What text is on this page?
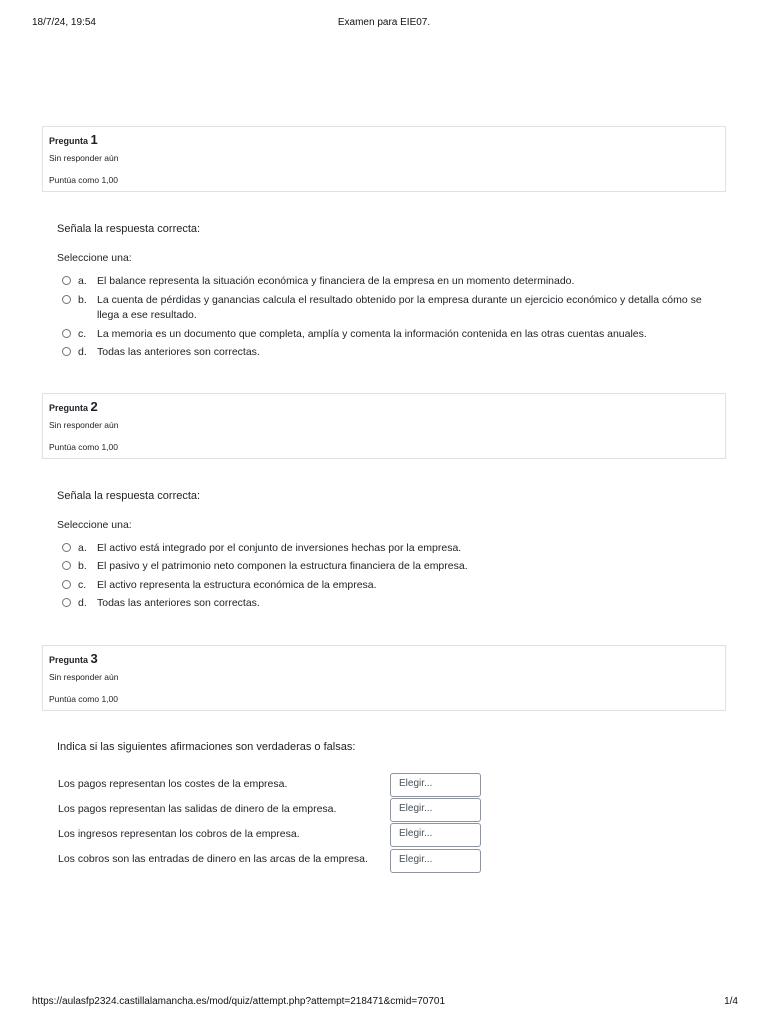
18/7/24, 19:54	Examen para EIE07.
Pregunta 1
Sin responder aún
Puntúa como 1,00
Señala la respuesta correcta:
Seleccione una:
a. El balance representa la situación económica y financiera de la empresa en un momento determinado.
b. La cuenta de pérdidas y ganancias calcula el resultado obtenido por la empresa durante un ejercicio económico y detalla cómo se llega a ese resultado.
c. La memoria es un documento que completa, amplía y comenta la información contenida en las otras cuentas anuales.
d. Todas las anteriores son correctas.
Pregunta 2
Sin responder aún
Puntúa como 1,00
Señala la respuesta correcta:
Seleccione una:
a. El activo está integrado por el conjunto de inversiones hechas por la empresa.
b. El pasivo y el patrimonio neto componen la estructura financiera de la empresa.
c. El activo representa la estructura económica de la empresa.
d. Todas las anteriores son correctas.
Pregunta 3
Sin responder aún
Puntúa como 1,00
Indica si las siguientes afirmaciones son verdaderas o falsas:
Los pagos representan los costes de la empresa.	Elegir...
Los pagos representan las salidas de dinero de la empresa.	Elegir...
Los ingresos representan los cobros de la empresa.	Elegir...
Los cobros son las entradas de dinero en las arcas de la empresa.	Elegir...
https://aulasfp2324.castillalamancha.es/mod/quiz/attempt.php?attempt=218471&cmid=70701	1/4
